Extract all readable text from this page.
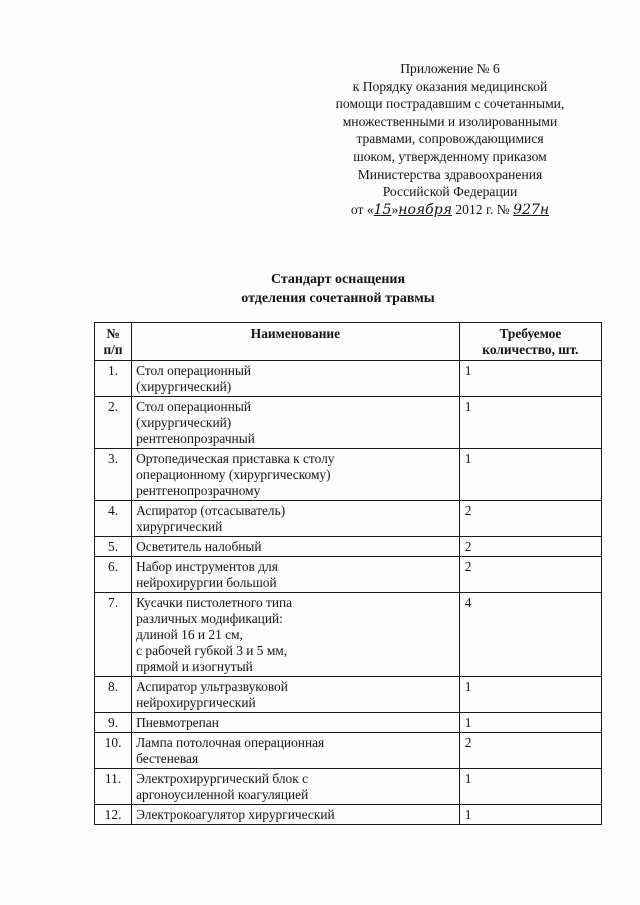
Приложение № 6
к Порядку оказания медицинской
помощи пострадавшим с сочетанными,
множественными и изолированными
травмами, сопровождающимися
шоком, утвержденному приказом
Министерства здравоохранения
Российской Федерации
от «15»ноября 2012 г. № 927н
Стандарт оснащения
отделения сочетанной травмы
№
п/п	Наименование	Требуемое
количество, шт.
1.	Стол операционный
(хирургический)	1
2.	Стол операционный
(хирургический)
рентгенопрозрачный	1
3.	Ортопедическая приставка к столу
операционному (хирургическому)
рентгенопрозрачному	1
4.	Аспиратор (отсасыватель)
хирургический	2
5.	Осветитель налобный	2
6.	Набор инструментов для
нейрохирургии большой	2
7.	Кусачки пистолетного типа
различных модификаций:
длиной 16 и 21 см,
с рабочей губкой 3 и 5 мм,
прямой и изогнутый	4
8.	Аспиратор ультразвуковой
нейрохирургический	1
9.	Пневмотрепан	1
10.	Лампа потолочная операционная
бестеневая	2
11.	Электрохирургический блок с
аргоноусиленной коагуляцией	1
12.	Электрокоагулятор хирургический	1
